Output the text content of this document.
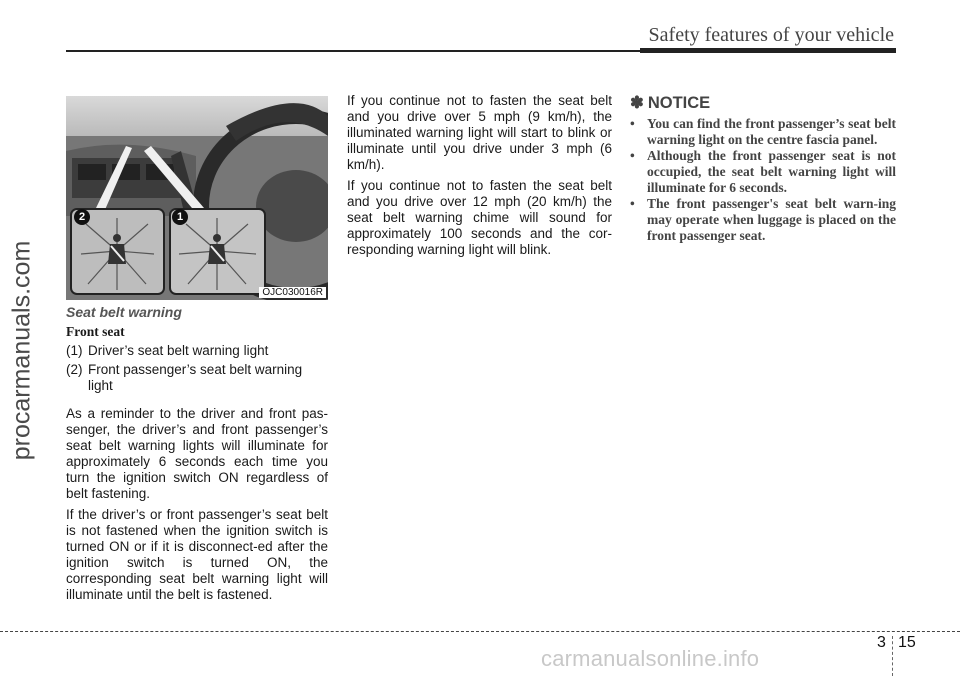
Safety features of your vehicle
procarmanuals.com
2	1
OJC030016R
Seat belt warning
Front seat
(1) Driver’s seat belt warning light
(2) Front passenger’s seat belt warning light

As a reminder to the driver and front pas-senger, the driver’s and front passenger’s seat belt warning lights will illuminate for approximately 6 seconds each time you turn the ignition switch ON regardless of belt fastening.

If the driver’s or front passenger’s seat belt is not fastened when the ignition switch is turned ON or if it is disconnect-ed after the ignition switch is turned ON, the corresponding seat belt warning light will illuminate until the belt is fastened.

If you continue not to fasten the seat belt and you drive over 5 mph (9 km/h), the illuminated warning light will start to blink or illuminate until you drive under 3 mph (6 km/h).

If you continue not to fasten the seat belt and you drive over 12 mph (20 km/h) the seat belt warning chime will sound for approximately 100 seconds and the cor-responding warning light will blink.

✽ NOTICE

• You can find the front passenger’s seat belt warning light on the centre fascia panel.

• Although the front passenger seat is not occupied, the seat belt warning light will illuminate for 6 seconds.

• The front passenger's seat belt warn-ing may operate when luggage is placed on the front passenger seat.

3 15
carmanualsonline.info
